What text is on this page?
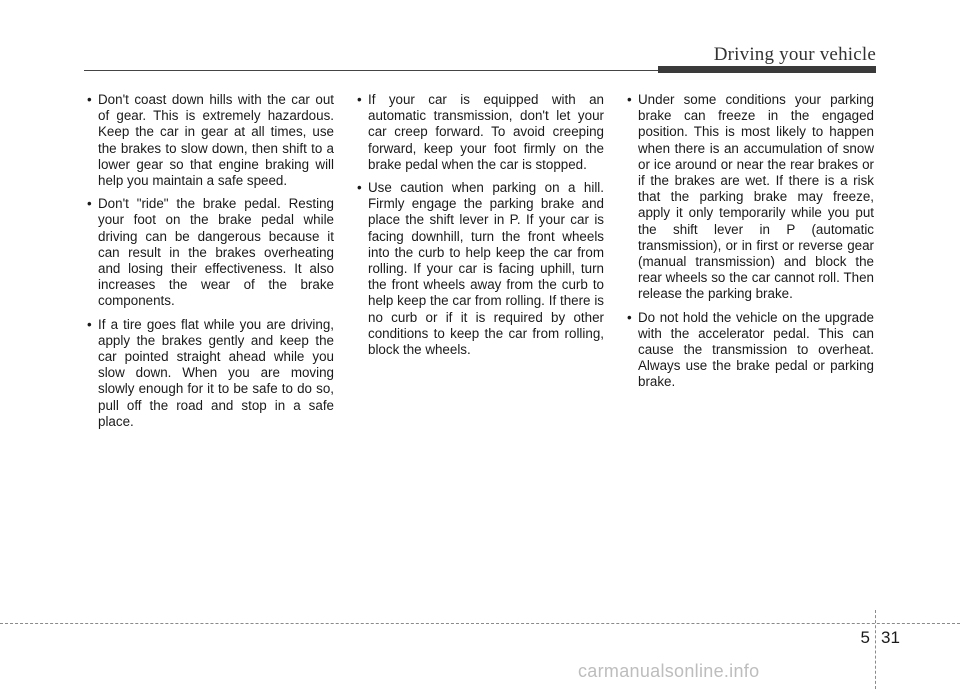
Driving your vehicle
• Don't coast down hills with the car out of gear. This is extremely hazardous. Keep the car in gear at all times, use the brakes to slow down, then shift to a lower gear so that engine braking will help you maintain a safe speed.
• Don't "ride" the brake pedal. Resting your foot on the brake pedal while driving can be dangerous because it can result in the brakes overheating and losing their effectiveness. It also increases the wear of the brake components.
• If a tire goes flat while you are driving, apply the brakes gently and keep the car pointed straight ahead while you slow down. When you are moving slowly enough for it to be safe to do so, pull off the road and stop in a safe place.
• If your car is equipped with an automatic transmission, don't let your car creep forward. To avoid creeping forward, keep your foot firmly on the brake pedal when the car is stopped.
• Use caution when parking on a hill. Firmly engage the parking brake and place the shift lever in P. If your car is facing downhill, turn the front wheels into the curb to help keep the car from rolling. If your car is facing uphill, turn the front wheels away from the curb to help keep the car from rolling. If there is no curb or if it is required by other conditions to keep the car from rolling, block the wheels.
• Under some conditions your parking brake can freeze in the engaged position. This is most likely to happen when there is an accumulation of snow or ice around or near the rear brakes or if the brakes are wet. If there is a risk that the parking brake may freeze, apply it only temporarily while you put the shift lever in P (automatic transmission), or in first or reverse gear (manual transmission) and block the rear wheels so the car cannot roll. Then release the parking brake.
• Do not hold the vehicle on the upgrade with the accelerator pedal. This can cause the transmission to overheat. Always use the brake pedal or parking brake.
5 31
carmanualsonline.info
